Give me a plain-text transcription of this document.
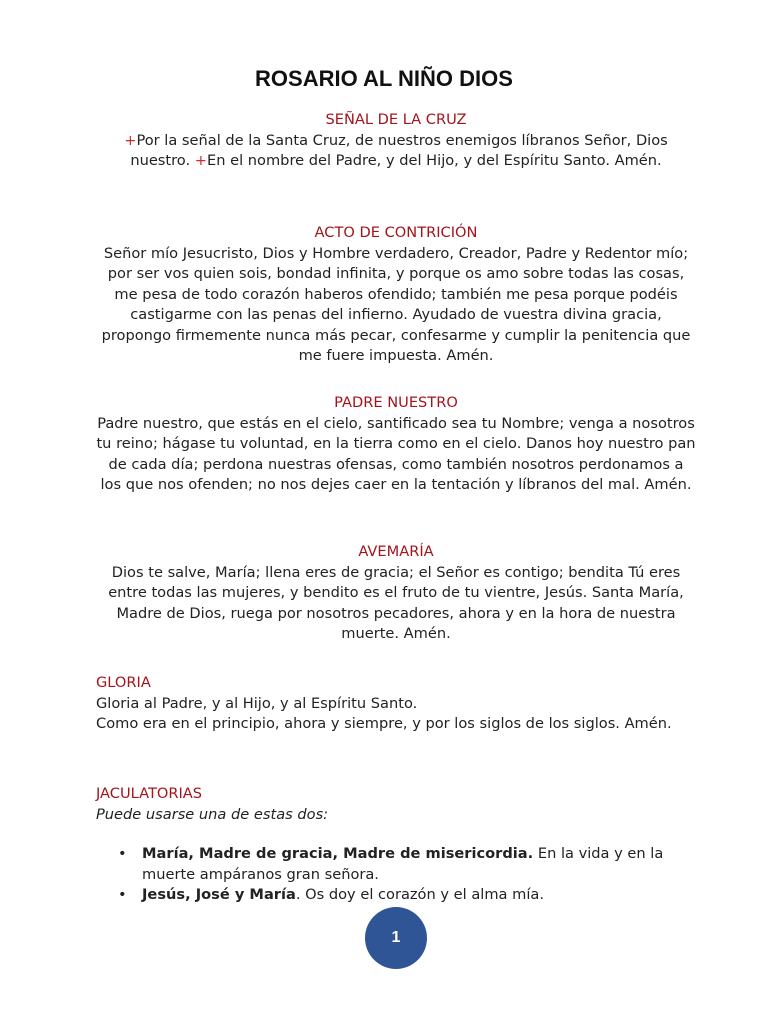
ROSARIO AL NIÑO DIOS
SEÑAL DE LA CRUZ
+Por la señal de la Santa Cruz, de nuestros enemigos líbranos Señor, Dios nuestro. +En el nombre del Padre, y del Hijo, y del Espíritu Santo. Amén.
ACTO DE CONTRICIÓN
Señor mío Jesucristo, Dios y Hombre verdadero, Creador, Padre y Redentor mío; por ser vos quien sois, bondad infinita, y porque os amo sobre todas las cosas, me pesa de todo corazón haberos ofendido; también me pesa porque podéis castigarme con las penas del infierno. Ayudado de vuestra divina gracia, propongo firmemente nunca más pecar, confesarme y cumplir la penitencia que me fuere impuesta. Amén.
PADRE NUESTRO
Padre nuestro, que estás en el cielo, santificado sea tu Nombre; venga a nosotros tu reino; hágase tu voluntad, en la tierra como en el cielo. Danos hoy nuestro pan de cada día; perdona nuestras ofensas, como también nosotros perdonamos a los que nos ofenden; no nos dejes caer en la tentación y líbranos del mal. Amén.
AVEMARÍA
Dios te salve, María; llena eres de gracia; el Señor es contigo; bendita Tú eres entre todas las mujeres, y bendito es el fruto de tu vientre, Jesús. Santa María, Madre de Dios, ruega por nosotros pecadores, ahora y en la hora de nuestra muerte. Amén.
GLORIA
Gloria al Padre, y al Hijo, y al Espíritu Santo.
Como era en el principio, ahora y siempre, y por los siglos de los siglos. Amén.
JACULATORIAS
Puede usarse una de estas dos:
• María, Madre de gracia, Madre de misericordia. En la vida y en la muerte ampáranos gran señora.
• Jesús, José y María. Os doy el corazón y el alma mía.
1
